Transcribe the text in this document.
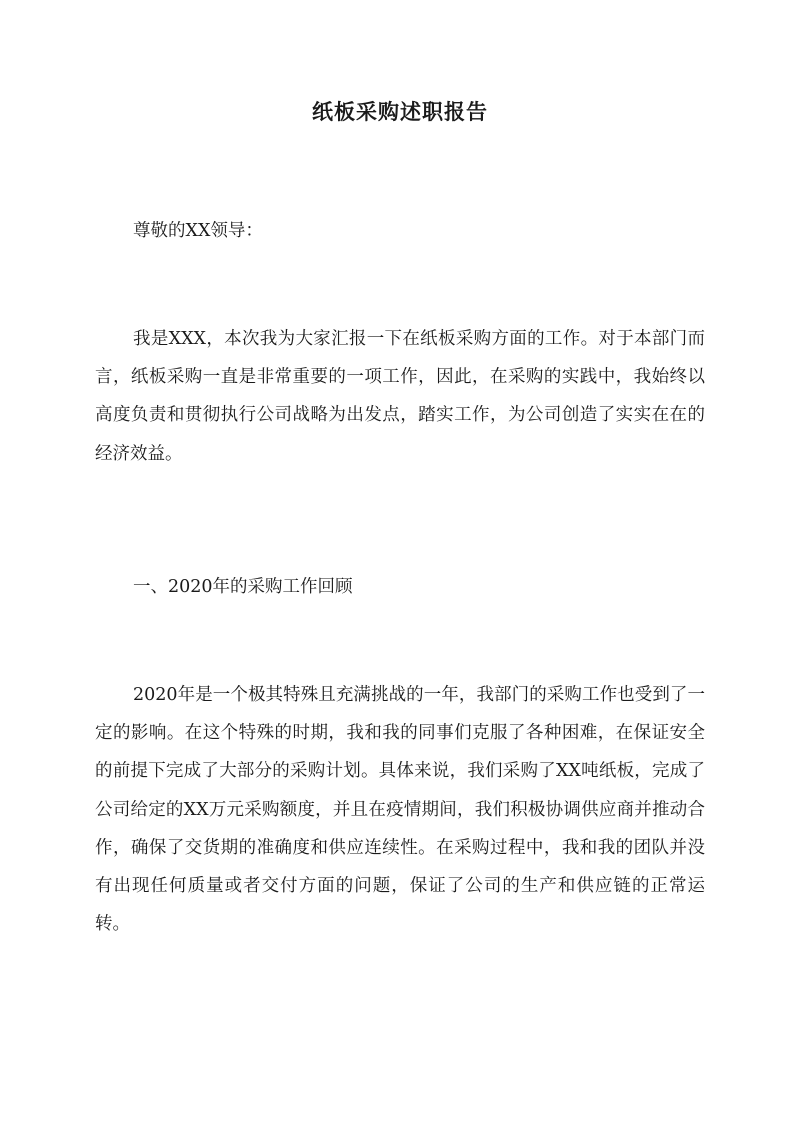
纸板采购述职报告

尊敬的XX领导：

我是XXX，本次我为大家汇报一下在纸板采购方面的工作。对于本部门而言，纸板采购一直是非常重要的一项工作，因此，在采购的实践中，我始终以高度负责和贯彻执行公司战略为出发点，踏实工作，为公司创造了实实在在的经济效益。

一、2020年的采购工作回顾

2020年是一个极其特殊且充满挑战的一年，我部门的采购工作也受到了一定的影响。在这个特殊的时期，我和我的同事们克服了各种困难，在保证安全的前提下完成了大部分的采购计划。具体来说，我们采购了XX吨纸板，完成了公司给定的XX万元采购额度，并且在疫情期间，我们积极协调供应商并推动合作，确保了交货期的准确度和供应连续性。在采购过程中，我和我的团队并没有出现任何质量或者交付方面的问题，保证了公司的生产和供应链的正常运转。
